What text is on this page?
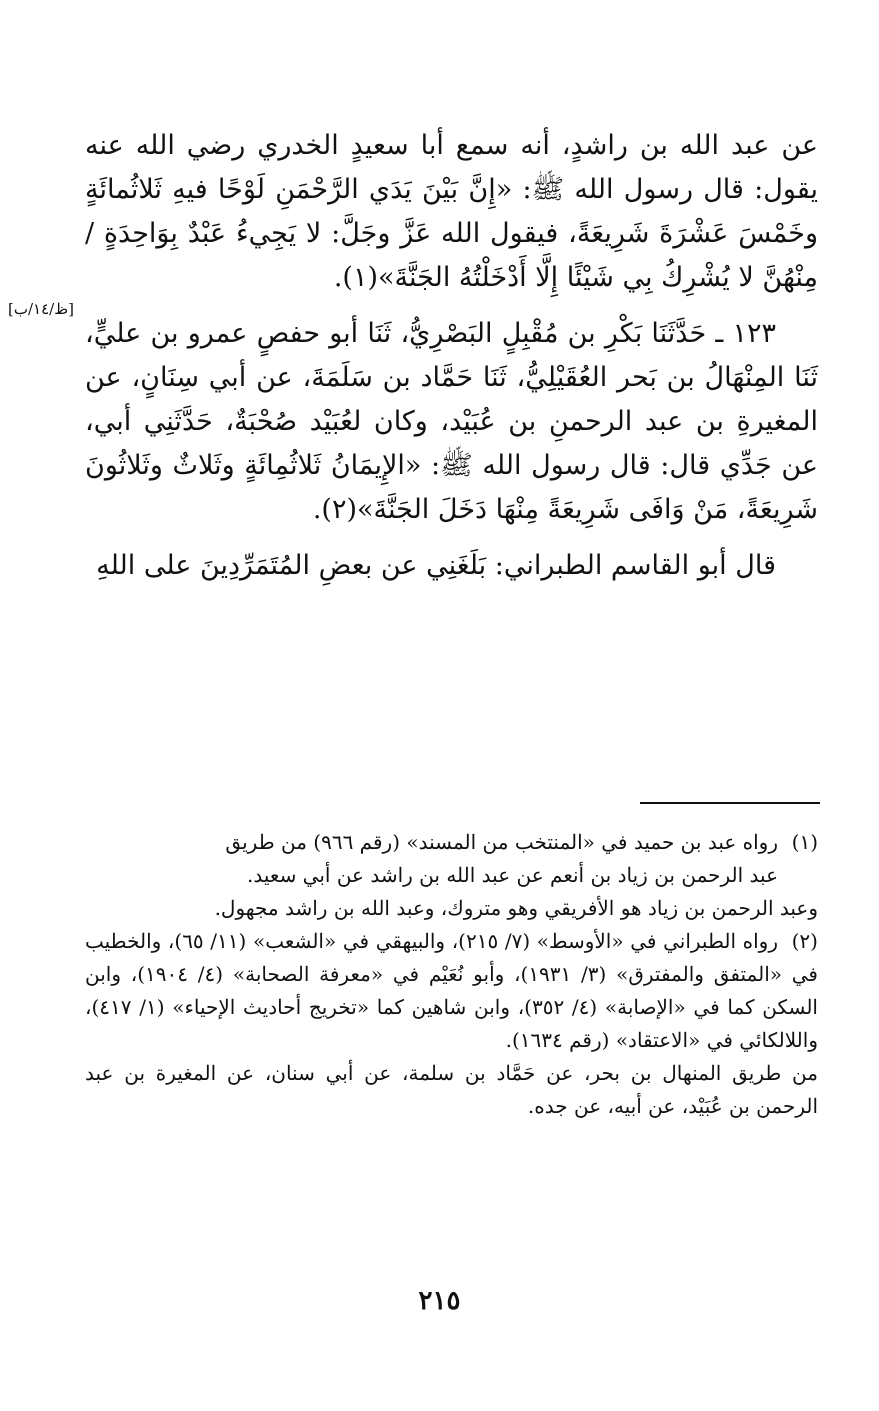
عن عبد الله بن راشدٍ، أنه سمع أبا سعيدٍ الخدري رضي الله عنه يقول: قال رسول الله ﷺ: «إِنَّ بَيْنَ يَدَي الرَّحْمَنِ لَوْحًا فيهِ ثَلاثُمائَةٍ وخَمْسَ عَشْرَةَ شَرِيعَةً، فيقول الله عَزَّ وجَلَّ: لا يَجِيءُ عَبْدٌ بِوَاحِدَةٍ / مِنْهُنَّ لا يُشْرِكُ بِي شَيْئًا إِلَّا أَدْخَلْتُهُ الجَنَّةَ»(١).

١٢٣ ـ حَدَّثَنَا بَكْرِ بن مُقْبِلٍ البَصْرِيُّ، ثَنَا أبو حفصٍ عمرو بن عليٍّ، ثَنَا المِنْهَالُ بن بَحر العُقَيْلِيُّ، ثَنَا حَمَّاد بن سَلَمَةَ، عن أبي سِنَانٍ، عن المغيرةِ بن عبد الرحمنِ بن عُبَيْد، وكان لعُبَيْد صُحْبَةٌ، حَدَّثَنِي أبي، عن جَدِّي قال: قال رسول الله ﷺ: «الإِيمَانُ ثَلاثُمِائَةٍ وثَلاثٌ وثَلاثُونَ شَرِيعَةً، مَنْ وَافَى شَرِيعَةً مِنْهَا دَخَلَ الجَنَّةَ»(٢).

قال أبو القاسم الطبراني: بَلَغَنِي عن بعضِ المُتَمَرِّدِينَ على اللهِ

[ظ/١٤/ب]

(١)رواه عبد بن حميد في «المنتخب من المسند» (رقم ٩٦٦) من طريق

عبد الرحمن بن زياد بن أنعم عن عبد الله بن راشد عن أبي سعيد.

وعبد الرحمن بن زياد هو الأفريقي وهو متروك، وعبد الله بن راشد مجهول.

(٢)رواه الطبراني في «الأوسط» (٧/ ٢١٥)، والبيهقي في «الشعب» (١١/ ٦٥)، والخطيب في «المتفق والمفترق» (٣/ ١٩٣١)، وأبو نُعَيْم في «معرفة الصحابة» (٤/ ١٩٠٤)، وابن السكن كما في «الإصابة» (٤/ ٣٥٢)، وابن شاهين كما «تخريج أحاديث الإحياء» (١/ ٤١٧)، واللالكائي في «الاعتقاد» (رقم ١٦٣٤).

من طريق المنهال بن بحر، عن حَمَّاد بن سلمة، عن أبي سنان، عن المغيرة بن عبد الرحمن بن عُبَيْد، عن أبيه، عن جده.

٢١٥
